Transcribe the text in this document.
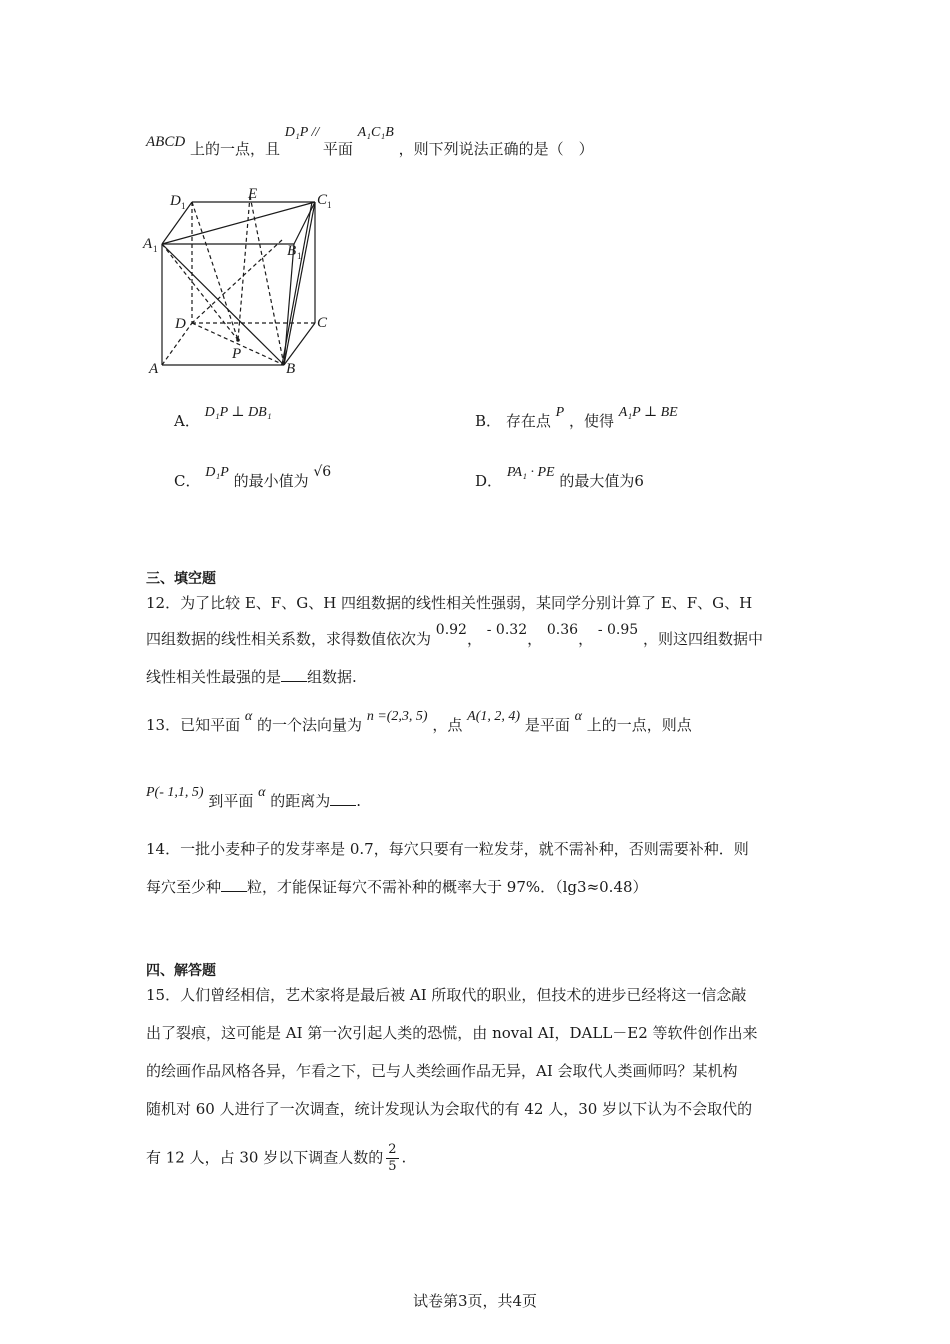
ABCD 上的一点，且 D₁P // 平面 A₁C₁B ，则下列说法正确的是（　）
D 1
E	C 1
A 1	B 1
D	C
P
A	B
A． D₁P ⊥ DB₁	B． 存在点 P ，使得 A₁P ⊥ BE
C． D₁P 的最小值为 √6	D． PA₁ · PE 的最大值为6
三、填空题
12．为了比较 E、F、G、H 四组数据的线性相关性强弱，某同学分别计算了 E、F、G、H
四组数据的线性相关系数，求得数值依次为 0.92， - 0.32， 0.36， - 0.95 ，则这四组数据中
线性相关性最强的是 组数据.
13．已知平面 α 的一个法向量为 n =(2,3, 5) ，点 A(1, 2, 4) 是平面 α 上的一点，则点
P(- 1,1, 5) 到平面 α 的距离为 .
14．一批小麦种子的发芽率是 0.7，每穴只要有一粒发芽，就不需补种，否则需要补种．则
每穴至少种 粒，才能保证每穴不需补种的概率大于 97%．（lg3≈0.48）
四、解答题
15．人们曾经相信，艺术家将是最后被 AI 所取代的职业，但技术的进步已经将这一信念敲
出了裂痕，这可能是 AI 第一次引起人类的恐慌，由 noval AI，DALL－E2 等软件创作出来
的绘画作品风格各异，乍看之下，已与人类绘画作品无异，AI 会取代人类画师吗？某机构
随机对 60 人进行了一次调查，统计发现认为会取代的有 42 人，30 岁以下认为不会取代的
有 12 人，占 30 岁以下调查人数的 $\frac{2}{5}$ .
试卷第3页，共4页
